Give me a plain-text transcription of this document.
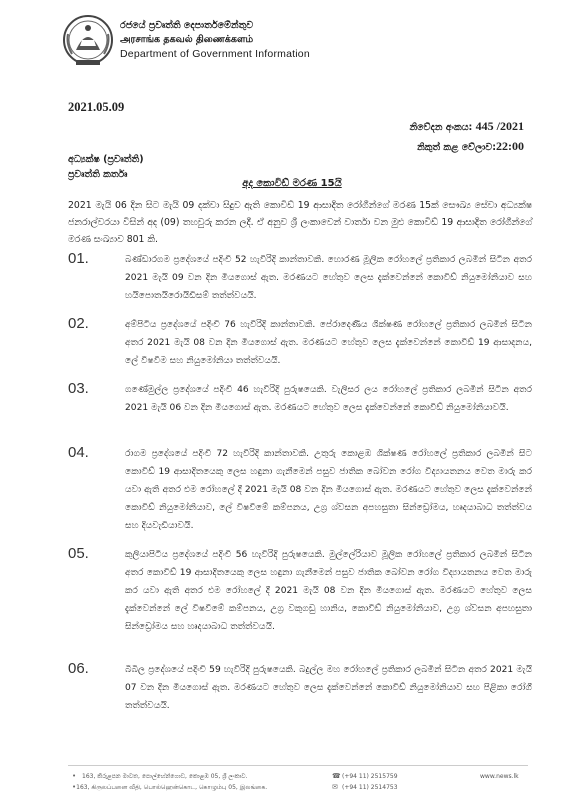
රජයේ ප්‍රවෘත්ති දෙපාර්තමේන්තුව
அரசாங்க தகவல் திணைக்களம்
Department of Government Information
2021.05.09
නිවේදන අංකය: 445 /2021
නිකුත් කළ වේලාව:22:00
අධ්‍යක්ෂ (ප්‍රවෘත්ති)
ප්‍රවෘත්ති කර්තෘ
අද කොවිඩ් මරණ 15යි
2021 මැයි 06 දින සිට මැයි 09 දක්වා සිදුව ඇති කොවිඩ් 19 ආසාදිත රෝගීන්ගේ මරණ 15ක් සෞඛ්‍ය සේවා අධ්‍යක්ෂ ජනරාල්වරයා විසින් අද (09) තහවුරු කරන ලදී. ඒ අනුව ශ්‍රී ලංකාවෙන් වාර්තා වන මුළු කොවිඩ් 19 ආසාදිත රෝගීන්ගේ මරණ සංඛ්‍යාව 801 කි.
01.	බණ්ඩාරගම ප්‍රදේශයේ පදිංචි 52 හැවිරිදි කාන්තාවකි. හොරණ මූලික රෝහලේ ප්‍රතිකාර ලබමින් සිටින අතර 2021 මැයි 09 වන දින මියගොස් ඇත. මරණයට හේතුව ලෙස දැක්වෙන්නේ කොවිඩ් නියුමෝනියාව සහ හයිපොතයිරොයිඩිසම් තත්ත්වයයි.
02.	අම්පිටිය ප්‍රදේශයේ පදිංචි 76 හැවිරිදි කාන්තාවකි. පේරාදෙණිය ශික්ෂණ රෝහලේ ප්‍රතිකාර ලබමින් සිටින අතර 2021 මැයි 08 වන දින මියගොස් ඇත. මරණයට හේතුව ලෙස දැක්වෙන්නේ කොවිඩ් 19 ආසාදනය, ලේ විෂවීම සහ නියුමෝනියා තත්ත්වයයි.
03.	ගණේමුල්ල ප්‍රදේශයේ පදිංචි 46 හැවිරිදි පුරුෂයෙකි. වැලිසර ලය රෝහලේ ප්‍රතිකාර ලබමින් සිටින අතර 2021 මැයි 06 වන දින මියගොස් ඇත. මරණයට හේතුව ලෙස දැක්වෙන්නේ කොවිඩ් නියුමෝනියාවයි.
04.	රාගම ප්‍රදේශයේ පදිංචි 72 හැවිරිදි කාන්තාවකි. උතුරු කොළඹ ශික්ෂණ රෝහලේ ප්‍රතිකාර ලබමින් සිට කොවිඩ් 19 ආසාදිතයෙකු ලෙස හඳුනා ගැනීමෙන් පසුව ජාතික බෝවන රෝග විද්‍යායතනය වෙත මාරු කර යවා ඇති අතර එම රෝහලේ දී 2021 මැයි 08 වන දින මියගොස් ඇත. මරණයට හේතුව ලෙස දැක්වෙන්නේ කොවිඩ් නියුමෝනියාව, ලේ විෂවීමේ කම්පනය, උග්‍ර ශ්වසන අපහසුතා සින්ඩ්‍රෝමය, හෘදයාබාධ තත්ත්වය සහ දියවැඩියාවයි.
05.	කුලියාපිටිය ප්‍රදේශයේ පදිංචි 56 හැවිරිදි පුරුෂයෙකි. මුල්ලේරියාව මූලික රෝහලේ ප්‍රතිකාර ලබමින් සිටින අතර කොවිඩ් 19 ආසාදිතයෙකු ලෙස හඳුනා ගැනීමෙන් පසුව ජාතික බෝවන රෝග විද්‍යායතනය වෙත මාරු කර යවා ඇති අතර එම රෝහලේ දී 2021 මැයි 08 වන දින මියගොස් ඇත. මරණයට හේතුව ලෙස දැක්වෙන්නේ ලේ විෂවීමේ කම්පනය, උග්‍ර වකුගඩු හානිය, කොවිඩ් නියුමෝනියාව, උග්‍ර ශ්වසන අපහසුතා සින්ඩ්‍රෝමය සහ හෘදයාබාධ තත්ත්වයයි.
06.	බිබිල ප්‍රදේශයේ පදිංචි 59 හැවිරිදි පුරුෂයෙකි. බදුල්ල මහ රෝහලේ ප්‍රතිකාර ලබමින් සිටින අතර 2021 මැයි 07 වන දින මියගොස් ඇත. මරණයට හේතුව ලෙස දැක්වෙන්නේ කොවිඩ් නියුමෝනියාව සහ පිළිකා රෝගී තත්ත්වයයි.
• 163, කිරුළපන මාවත, පොල්හේන්ගොඩ, කොළඹ 05, ශ්‍රී ලංකාව.
• 163, கிருலப்பனை வீதி, பொல்ஹென்கொட, கொழும்பு 05, இலங்கை.
☎ (+94 11) 2515759
✉ (+94 11) 2514753
www.news.lk
